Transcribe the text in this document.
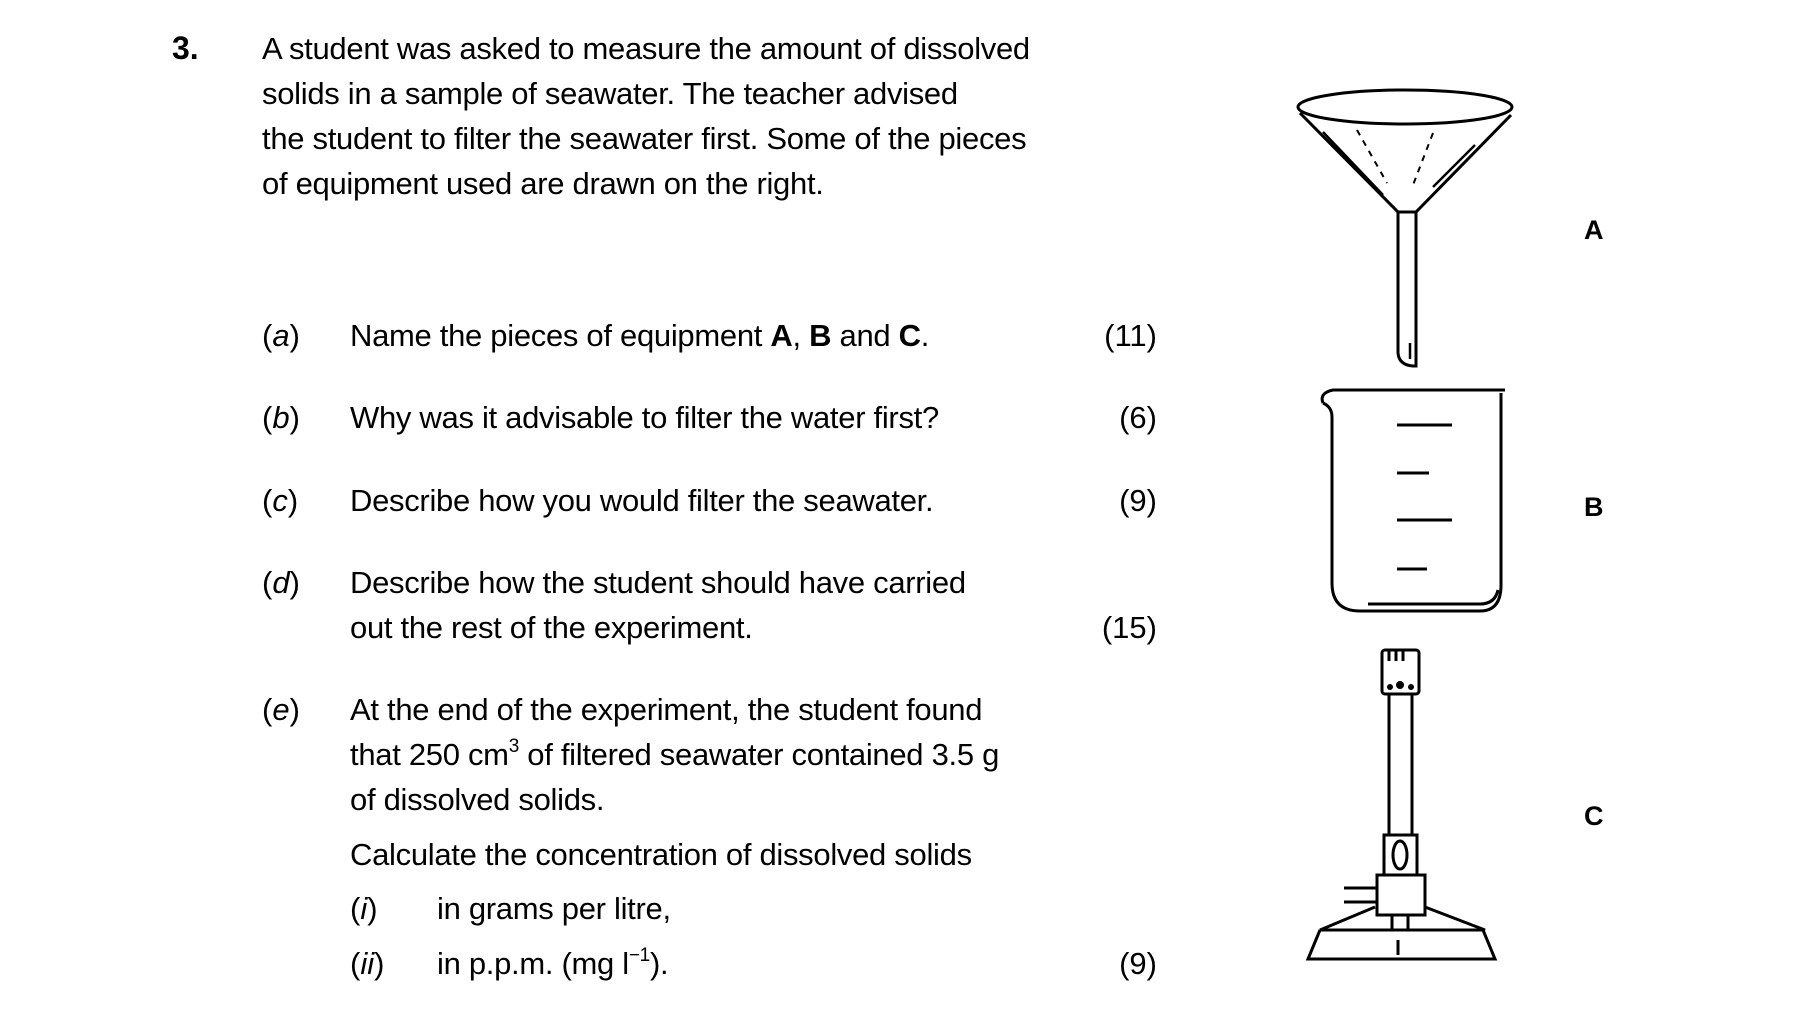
3. A student was asked to measure the amount of dissolved
solids in a sample of seawater. The teacher advised
the student to filter the seawater first. Some of the pieces
of equipment used are drawn on the right.
(a) Name the pieces of equipment A, B and C.	(11)
(b) Why was it advisable to filter the water first?	(6)
(c) Describe how you would filter the seawater.	(9)
(d) Describe how the student should have carried
out the rest of the experiment.	(15)
(e) At the end of the experiment, the student found
that 250 $cm^3$ of filtered seawater contained 3.5 g
of dissolved solids.
Calculate the concentration of dissolved solids
(i) in grams per litre,
(ii) in p.p.m. (mg $l^{-1}$).	(9)
A
B
C
